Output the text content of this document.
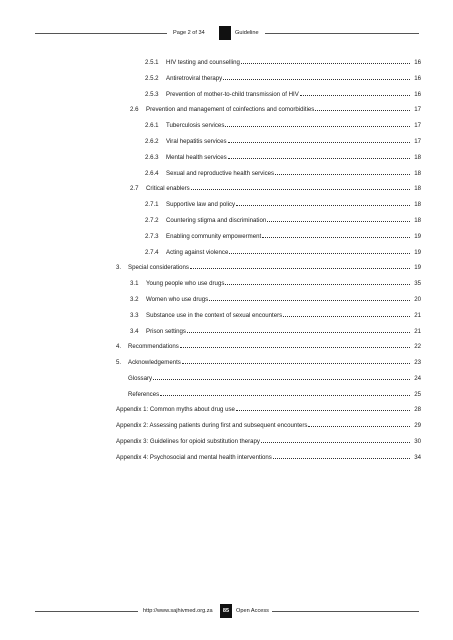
Page 2 of 34	Guideline
2.5.1	HIV testing and counselling	16
2.5.2	Antiretroviral therapy	16
2.5.3	Prevention of mother-to-child transmission of HIV	16
2.6	Prevention and management of coinfections and comorbidities	17
2.6.1	Tuberculosis services	17
2.6.2	Viral hepatitis services	17
2.6.3	Mental health services	18
2.6.4	Sexual and reproductive health services	18
2.7	Critical enablers	18
2.7.1	Supportive law and policy	18
2.7.2	Countering stigma and discrimination	18
2.7.3	Enabling community empowerment	19
2.7.4	Acting against violence	19
3.	Special considerations	19
3.1	Young people who use drugs	35
3.2	Women who use drugs	20
3.3	Substance use in the context of sexual encounters	21
3.4	Prison settings	21
4.	Recommendations	22
5.	Acknowledgements	23
Glossary	24
References	25
Appendix 1: Common myths about drug use	28
Appendix 2: Assessing patients during first and subsequent encounters	29
Appendix 3: Guidelines for opioid substitution therapy	30
Appendix 4: Psychosocial and mental health interventions	34
http://www.sajhivmed.org.za	85	Open Access
